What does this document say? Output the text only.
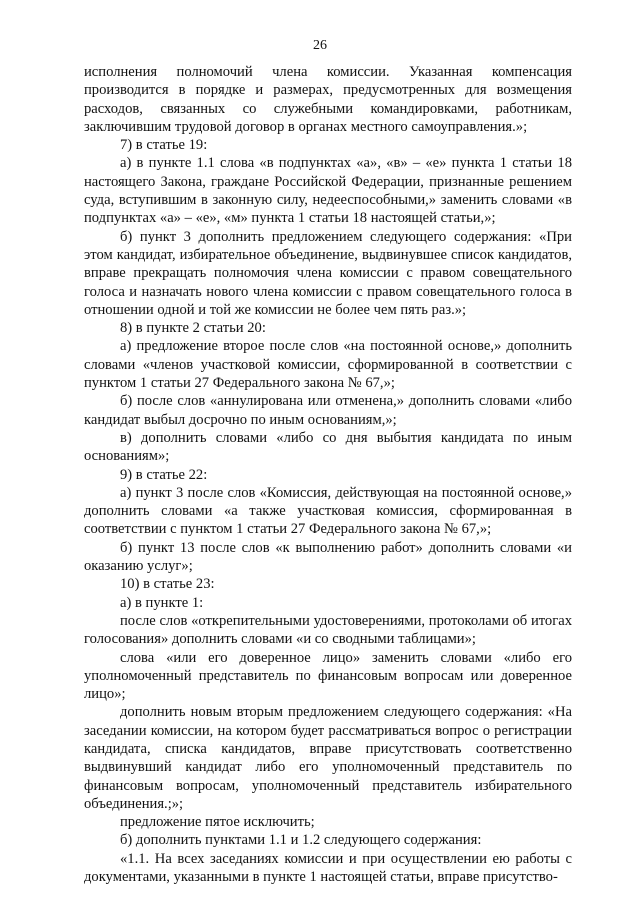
26

исполнения полномочий члена комиссии. Указанная компенсация производится в порядке и размерах, предусмотренных для возмещения расходов, связанных со служебными командировками, работникам, заключившим трудовой договор в органах местного самоуправления.»;

7) в статье 19:

а) в пункте 1.1 слова «в подпунктах «а», «в» – «е» пункта 1 статьи 18 настоящего Закона, граждане Российской Федерации, признанные решением суда, вступившим в законную силу, недееспособными,» заменить словами «в подпунктах «а» – «е», «м» пункта 1 статьи 18 настоящей статьи,»;

б) пункт 3 дополнить предложением следующего содержания: «При этом кандидат, избирательное объединение, выдвинувшее список кандидатов, вправе прекращать полномочия члена комиссии с правом совещательного голоса и назначать нового члена комиссии с правом совещательного голоса в отношении одной и той же комиссии не более чем пять раз.»;

8) в пункте 2 статьи 20:

а) предложение второе после слов «на постоянной основе,» дополнить словами «членов участковой комиссии, сформированной в соответствии с пунктом 1 статьи 27 Федерального закона № 67,»;

б) после слов «аннулирована или отменена,» дополнить словами «либо кандидат выбыл досрочно по иным основаниям,»;

в) дополнить словами «либо со дня выбытия кандидата по иным основаниям»;

9) в статье 22:

а) пункт 3 после слов «Комиссия, действующая на постоянной основе,» дополнить словами «а также участковая комиссия, сформированная в соответствии с пунктом 1 статьи 27 Федерального закона № 67,»;

б) пункт 13 после слов «к выполнению работ» дополнить словами «и оказанию услуг»;

10) в статье 23:

а) в пункте 1:

после слов «открепительными удостоверениями, протоколами об итогах голосования» дополнить словами «и со сводными таблицами»;

слова «или его доверенное лицо» заменить словами «либо его уполномоченный представитель по финансовым вопросам или доверенное лицо»;

дополнить новым вторым предложением следующего содержания: «На заседании комиссии, на котором будет рассматриваться вопрос о регистрации кандидата, списка кандидатов, вправе присутствовать соответственно выдвинувший кандидат либо его уполномоченный представитель по финансовым вопросам, уполномоченный представитель избирательного объединения.;»;

предложение пятое исключить;

б) дополнить пунктами 1.1 и 1.2 следующего содержания:

«1.1. На всех заседаниях комиссии и при осуществлении ею работы с документами, указанными в пункте 1 настоящей статьи, вправе присутство-
